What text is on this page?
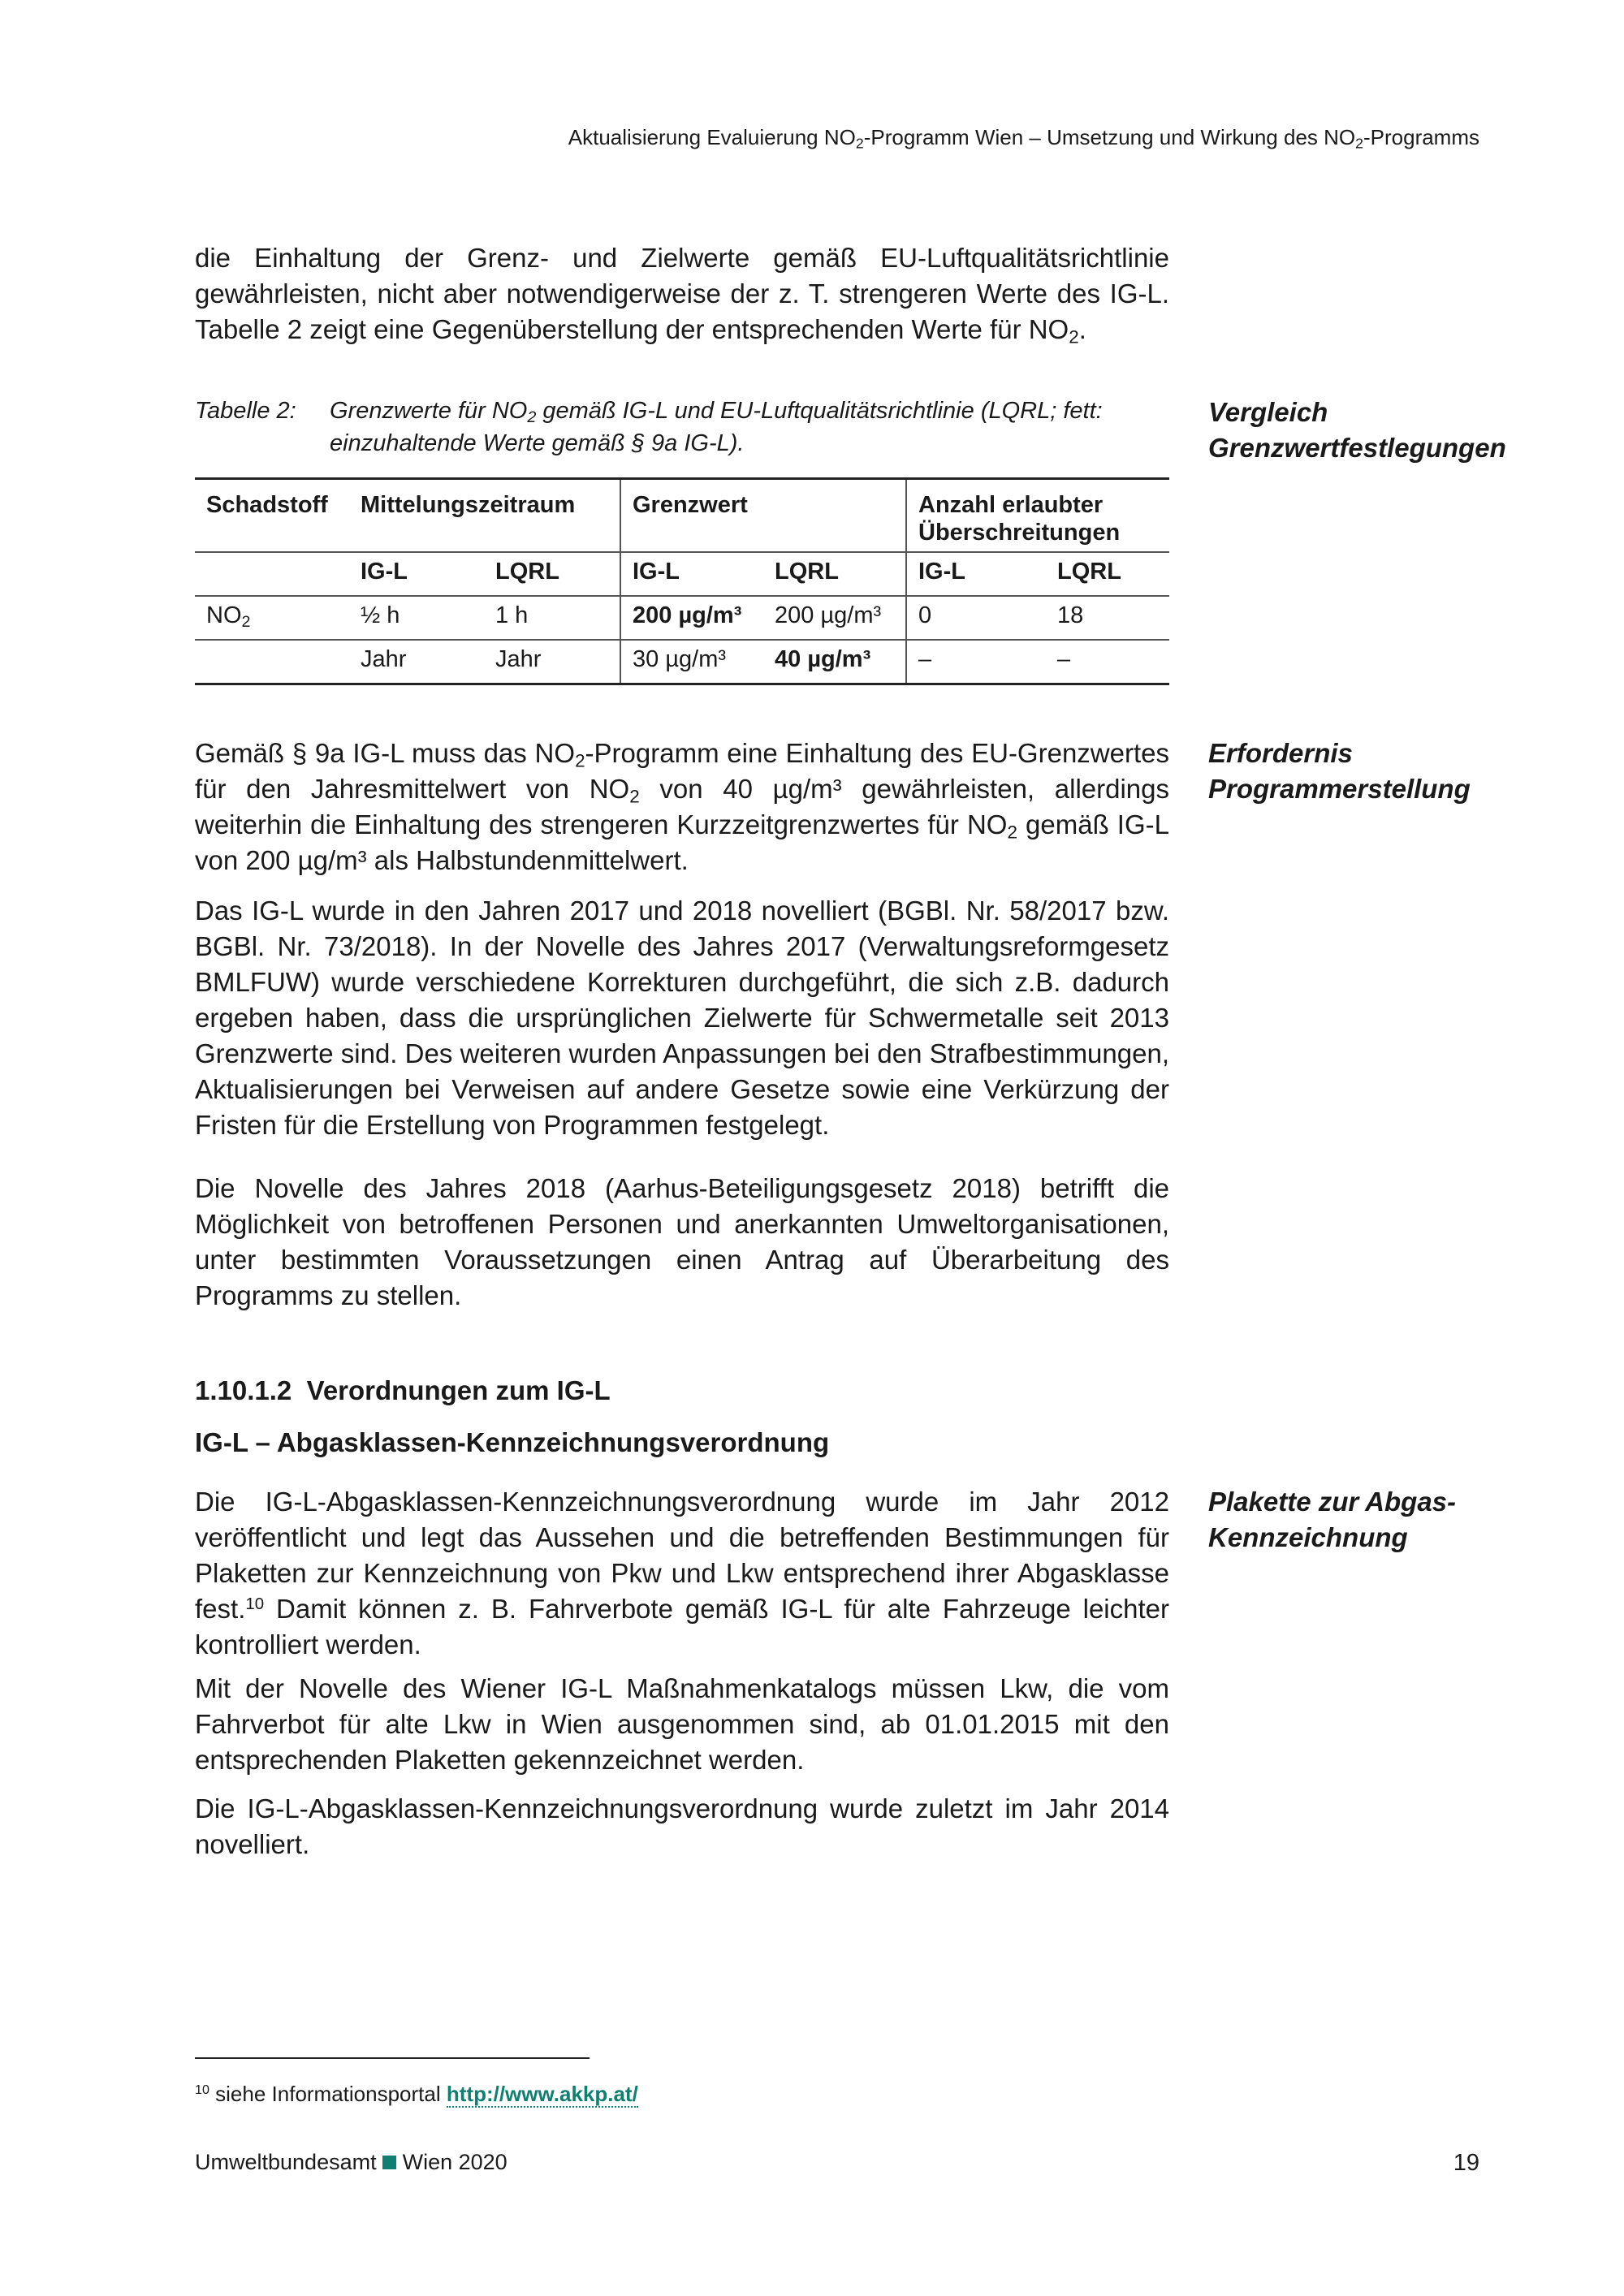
Aktualisierung Evaluierung $NO_2$-Programm Wien – Umsetzung und Wirkung des $NO_2$-Programms

die Einhaltung der Grenz- und Zielwerte gemäß EU-Luftqualitätsrichtlinie gewährleisten, nicht aber notwendigerweise der z. T. strengeren Werte des IG-L. Tabelle 2 zeigt eine Gegenüberstellung der entsprechenden Werte für $NO_2$.

Tabelle 2:	Grenzwerte für $NO_2$ gemäß IG-L und EU-Luftqualitätsrichtlinie (LQRL; fett: einzuhaltende Werte gemäß § 9a IG-L).

Vergleich Grenzwertfestlegungen

Schadstoff	Mittelungszeitraum		Grenzwert		Anzahl erlaubter Überschreitungen	
	IG-L	LQRL	IG-L	LQRL	IG-L	LQRL
$NO_2$	½ h	1 h	200 µg/m³	200 µg/m³	0	18
	Jahr	Jahr	30 µg/m³	40 µg/m³	–	–

Gemäß § 9a IG-L muss das $NO_2$-Programm eine Einhaltung des EU-Grenzwertes für den Jahresmittelwert von $NO_2$ von 40 µg/m³ gewährleisten, allerdings weiterhin die Einhaltung des strengeren Kurzzeitgrenzwertes für $NO_2$ gemäß IG-L von 200 µg/m³ als Halbstundenmittelwert.

Erfordernis Programmerstellung

Das IG-L wurde in den Jahren 2017 und 2018 novelliert (BGBl. Nr. 58/2017 bzw. BGBl. Nr. 73/2018). In der Novelle des Jahres 2017 (Verwaltungsreformgesetz BMLFUW) wurde verschiedene Korrekturen durchgeführt, die sich z.B. dadurch ergeben haben, dass die ursprünglichen Zielwerte für Schwermetalle seit 2013 Grenzwerte sind. Des weiteren wurden Anpassungen bei den Strafbestimmungen, Aktualisierungen bei Verweisen auf andere Gesetze sowie eine Verkürzung der Fristen für die Erstellung von Programmen festgelegt.

Die Novelle des Jahres 2018 (Aarhus-Beteiligungsgesetz 2018) betrifft die Möglichkeit von betroffenen Personen und anerkannten Umweltorganisationen, unter bestimmten Voraussetzungen einen Antrag auf Überarbeitung des Programms zu stellen.

1.10.1.2 Verordnungen zum IG-L
IG-L – Abgasklassen-Kennzeichnungsverordnung

Die IG-L-Abgasklassen-Kennzeichnungsverordnung wurde im Jahr 2012 veröffentlicht und legt das Aussehen und die betreffenden Bestimmungen für Plaketten zur Kennzeichnung von Pkw und Lkw entsprechend ihrer Abgasklasse fest.$^{10}$ Damit können z. B. Fahrverbote gemäß IG-L für alte Fahrzeuge leichter kontrolliert werden.

Plakette zur Abgas-Kennzeichnung

Mit der Novelle des Wiener IG-L Maßnahmenkatalogs müssen Lkw, die vom Fahrverbot für alte Lkw in Wien ausgenommen sind, ab 01.01.2015 mit den entsprechenden Plaketten gekennzeichnet werden.

Die IG-L-Abgasklassen-Kennzeichnungsverordnung wurde zuletzt im Jahr 2014 novelliert.

$^{10}$ siehe Informationsportal http://www.akkp.at/
Umweltbundesamt Wien 2020	19
